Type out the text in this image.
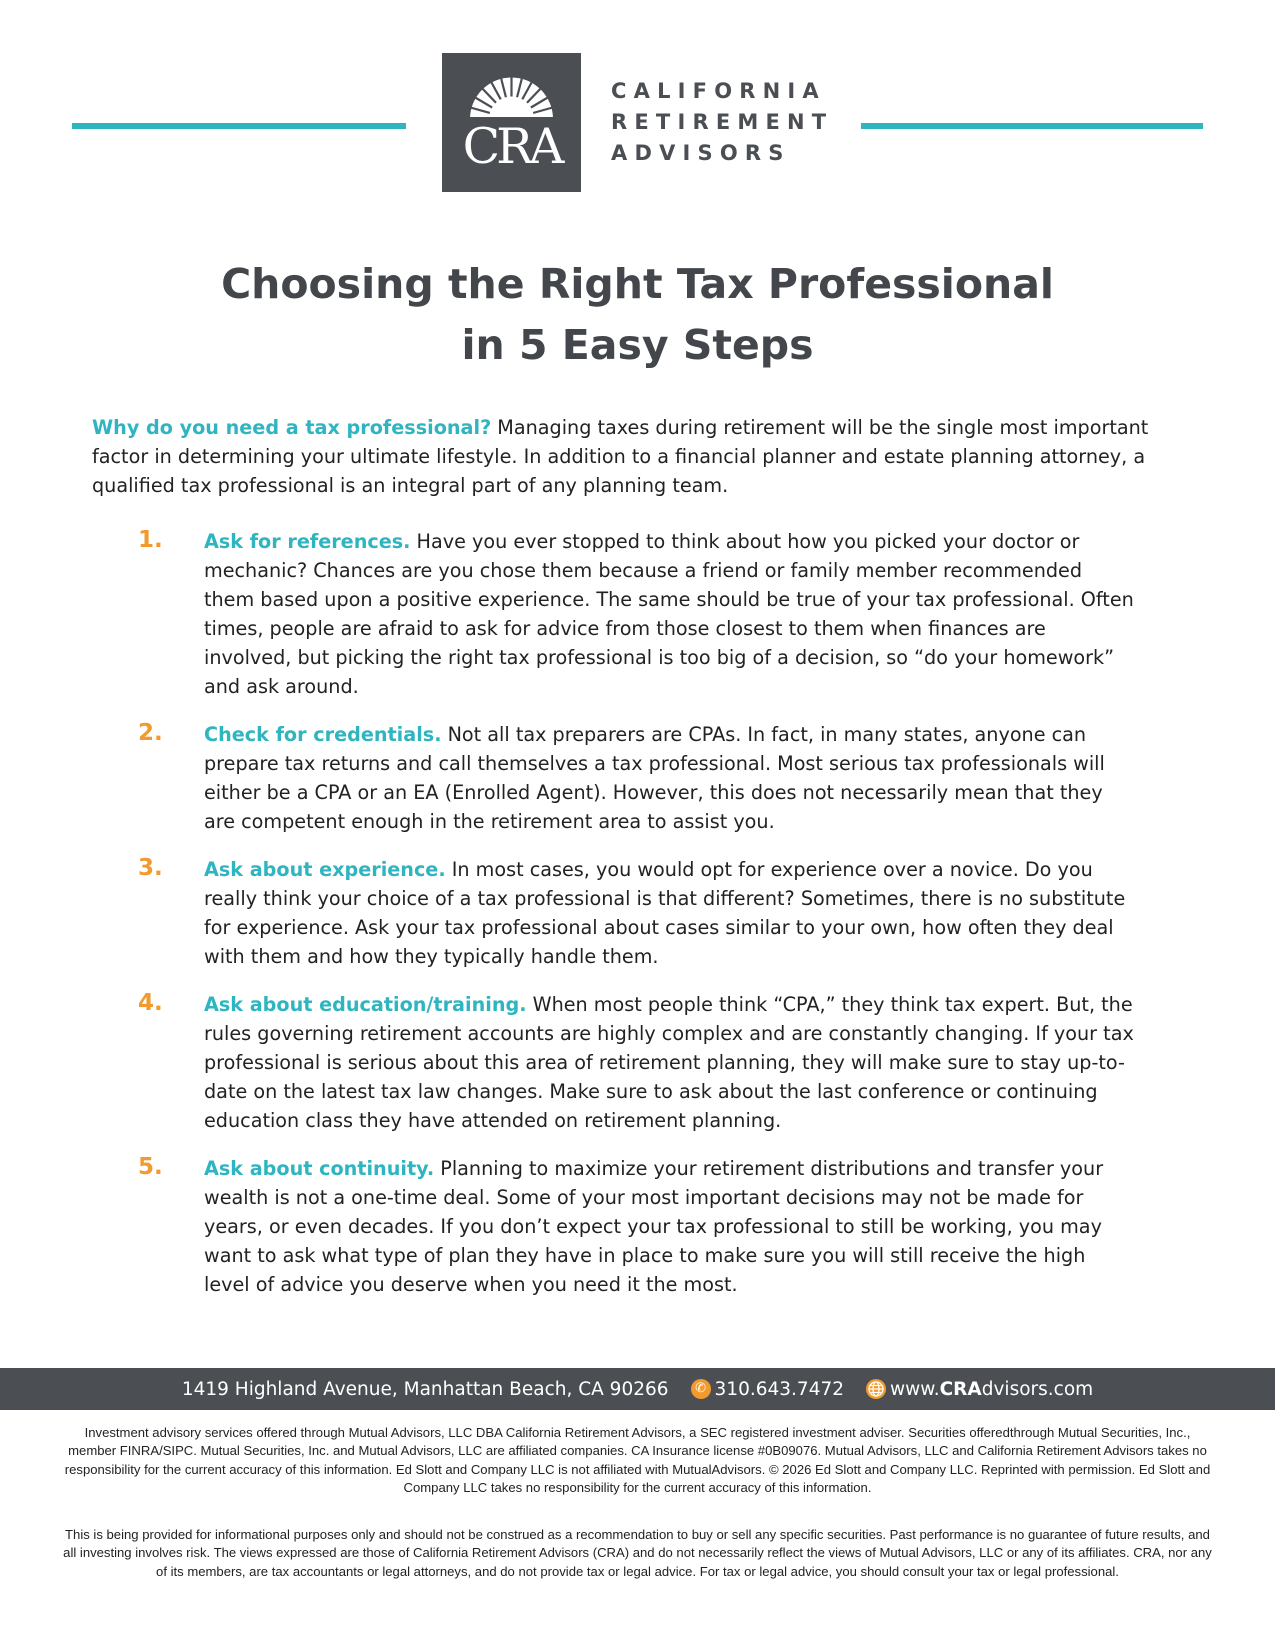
CRA
CALIFORNIA
RETIREMENT
ADVISORS
Choosing the Right Tax Professional
in 5 Easy Steps
Why do you need a tax professional? Managing taxes during retirement will be the single most important factor in determining your ultimate lifestyle. In addition to a financial planner and estate planning attorney, a qualified tax professional is an integral part of any planning team.
1. Ask for references. Have you ever stopped to think about how you picked your doctor or mechanic? Chances are you chose them because a friend or family member recommended them based upon a positive experience. The same should be true of your tax professional. Often times, people are afraid to ask for advice from those closest to them when finances are involved, but picking the right tax professional is too big of a decision, so “do your homework” and ask around.
2. Check for credentials. Not all tax preparers are CPAs. In fact, in many states, anyone can prepare tax returns and call themselves a tax professional. Most serious tax professionals will either be a CPA or an EA (Enrolled Agent). However, this does not necessarily mean that they are competent enough in the retirement area to assist you.
3. Ask about experience. In most cases, you would opt for experience over a novice. Do you really think your choice of a tax professional is that different? Sometimes, there is no substitute for experience. Ask your tax professional about cases similar to your own, how often they deal with them and how they typically handle them.
4. Ask about education/training. When most people think “CPA,” they think tax expert. But, the rules governing retirement accounts are highly complex and are constantly changing. If your tax professional is serious about this area of retirement planning, they will make sure to stay up-to-date on the latest tax law changes. Make sure to ask about the last conference or continuing education class they have attended on retirement planning.
5. Ask about continuity. Planning to maximize your retirement distributions and transfer your wealth is not a one-time deal. Some of your most important decisions may not be made for years, or even decades. If you don’t expect your tax professional to still be working, you may want to ask what type of plan they have in place to make sure you will still receive the high level of advice you deserve when you need it the most.
1419 Highland Avenue, Manhattan Beach, CA 90266	✆ 310.643.7472 www.CRAdvisors.com
Investment advisory services offered through Mutual Advisors, LLC DBA California Retirement Advisors, a SEC registered investment adviser. Securities offeredthrough Mutual Securities, Inc., member FINRA/SIPC. Mutual Securities, Inc. and Mutual Advisors, LLC are affiliated companies. CA Insurance license #0B09076. Mutual Advisors, LLC and California Retirement Advisors takes no responsibility for the current accuracy of this information. Ed Slott and Company LLC is not affiliated with MutualAdvisors. © 2026 Ed Slott and Company LLC. Reprinted with permission. Ed Slott and Company LLC takes no responsibility for the current accuracy of this information.
This is being provided for informational purposes only and should not be construed as a recommendation to buy or sell any specific securities. Past performance is no guarantee of future results, and all investing involves risk. The views expressed are those of California Retirement Advisors (CRA) and do not necessarily reflect the views of Mutual Advisors, LLC or any of its affiliates. CRA, nor any of its members, are tax accountants or legal attorneys, and do not provide tax or legal advice. For tax or legal advice, you should consult your tax or legal professional.
